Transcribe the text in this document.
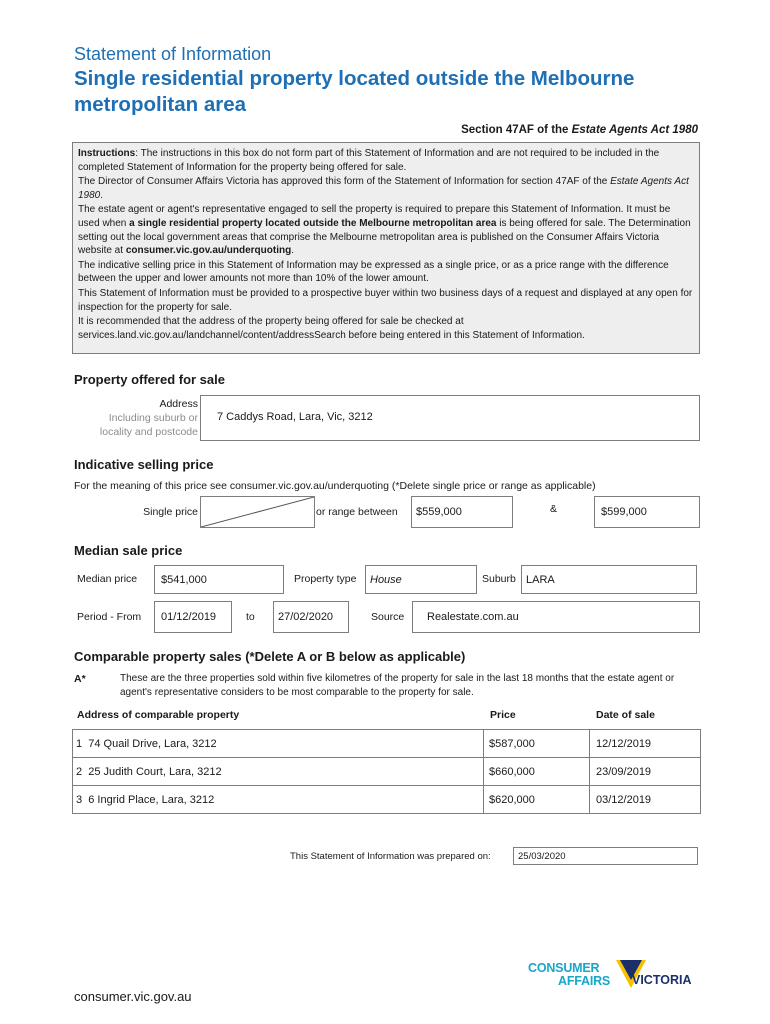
Statement of Information
Single residential property located outside the Melbourne metropolitan area
Section 47AF of the Estate Agents Act 1980

Instructions: The instructions in this box do not form part of this Statement of Information and are not required to be included in the completed Statement of Information for the property being offered for sale.

The Director of Consumer Affairs Victoria has approved this form of the Statement of Information for section 47AF of the Estate Agents Act 1980.

The estate agent or agent's representative engaged to sell the property is required to prepare this Statement of Information. It must be used when a single residential property located outside the Melbourne metropolitan area is being offered for sale. The Determination setting out the local government areas that comprise the Melbourne metropolitan area is published on the Consumer Affairs Victoria website at consumer.vic.gov.au/underquoting.

The indicative selling price in this Statement of Information may be expressed as a single price, or as a price range with the difference between the upper and lower amounts not more than 10% of the lower amount.

This Statement of Information must be provided to a prospective buyer within two business days of a request and displayed at any open for inspection for the property for sale.

It is recommended that the address of the property being offered for sale be checked at services.land.vic.gov.au/landchannel/content/addressSearch before being entered in this Statement of Information.

Property offered for sale
Address
Including suburb or
locality and postcode
7 Caddys Road, Lara, Vic, 3212
Indicative selling price
For the meaning of this price see consumer.vic.gov.au/underquoting (*Delete single price or range as applicable)
Single price	or range between $559,000	&	$599,000
Median sale price
Median price $541,000	Property type House	Suburb LARA
Period - From 01/12/2019	to 27/02/2020	Source Realestate.com.au
Comparable property sales (*Delete A or B below as applicable)
A*	These are the three properties sold within five kilometres of the property for sale in the last 18 months that the estate agent or agent's representative considers to be most comparable to the property for sale.
Address of comparable property	Price	Date of sale
1
74 Quail Drive, Lara, 3212	$587,000	12/12/2019
2
25 Judith Court, Lara, 3212	$660,000	23/09/2019
3
6 Ingrid Place, Lara, 3212	$620,000	03/12/2019
This Statement of Information was prepared on:	25/03/2020
CONSUMER
AFFAIRS VICTORIA
consumer.vic.gov.au
